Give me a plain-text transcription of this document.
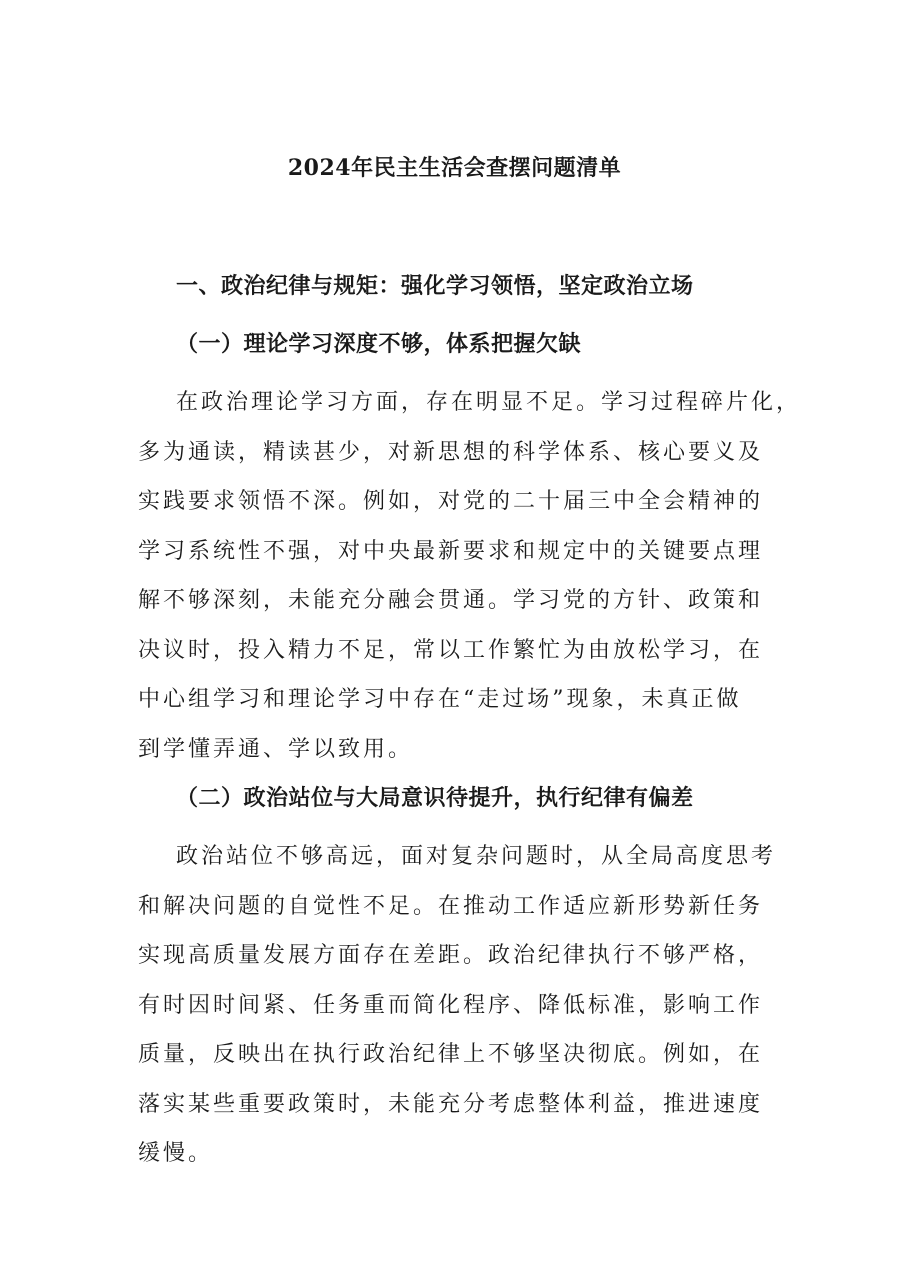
2024年民主生活会查摆问题清单
一、政治纪律与规矩：强化学习领悟，坚定政治立场
（一）理论学习深度不够，体系把握欠缺
在政治理论学习方面，存在明显不足。学习过程碎片化，
多为通读，精读甚少，对新思想的科学体系、核心要义及
实践要求领悟不深。例如，对党的二十届三中全会精神的
学习系统性不强，对中央最新要求和规定中的关键要点理
解不够深刻，未能充分融会贯通。学习党的方针、政策和
决议时，投入精力不足，常以工作繁忙为由放松学习，在
中心组学习和理论学习中存在“走过场”现象，未真正做
到学懂弄通、学以致用。
（二）政治站位与大局意识待提升，执行纪律有偏差
政治站位不够高远，面对复杂问题时，从全局高度思考
和解决问题的自觉性不足。在推动工作适应新形势新任务
实现高质量发展方面存在差距。政治纪律执行不够严格，
有时因时间紧、任务重而简化程序、降低标准，影响工作
质量，反映出在执行政治纪律上不够坚决彻底。例如，在
落实某些重要政策时，未能充分考虑整体利益，推进速度
缓慢。
